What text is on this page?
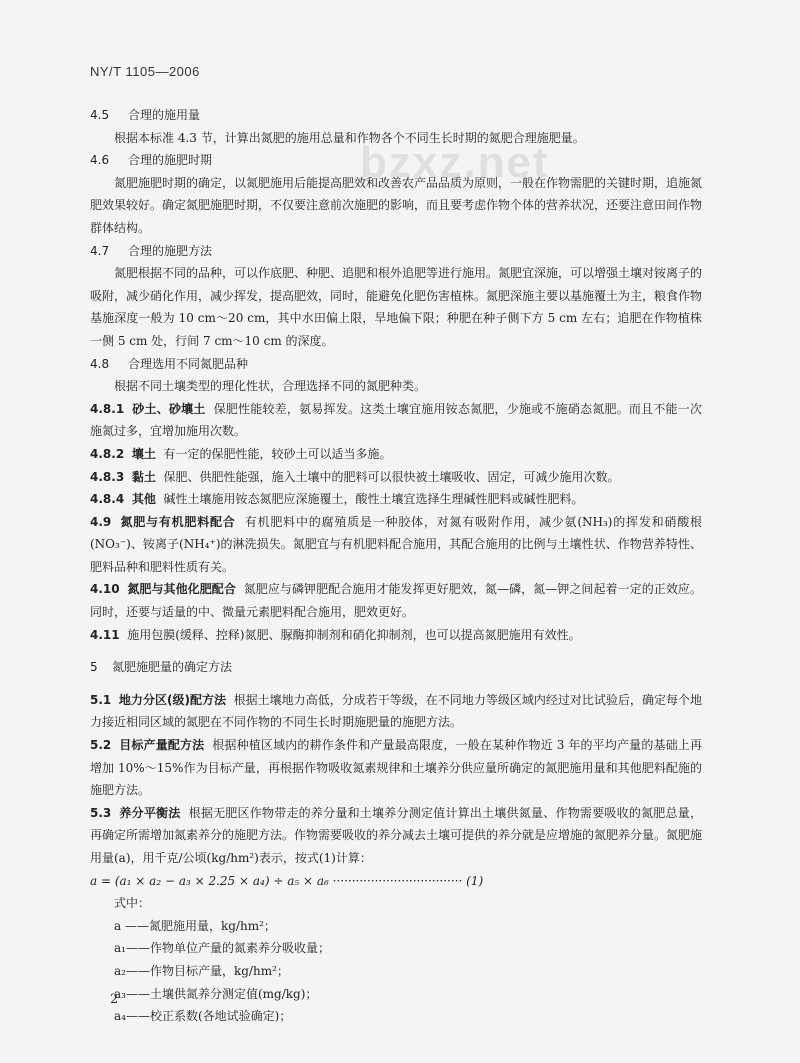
NY/T 1105—2006
bzxz.net

4.5 合理的施用量

根据本标准 4.3 节，计算出氮肥的施用总量和作物各个不同生长时期的氮肥合理施肥量。

4.6 合理的施肥时期

氮肥施肥时期的确定，以氮肥施用后能提高肥效和改善农产品品质为原则，一般在作物需肥的关键时期，追施氮肥效果较好。确定氮肥施肥时期，不仅要注意前次施肥的影响，而且要考虑作物个体的营养状况，还要注意田间作物群体结构。

4.7 合理的施肥方法

氮肥根据不同的品种，可以作底肥、种肥、追肥和根外追肥等进行施用。氮肥宜深施，可以增强土壤对铵离子的吸附，减少硝化作用，减少挥发，提高肥效，同时，能避免化肥伤害植株。氮肥深施主要以基施覆土为主，粮食作物基施深度一般为 10 cm～20 cm，其中水田偏上限，旱地偏下限；种肥在种子侧下方 5 cm 左右；追肥在作物植株一侧 5 cm 处，行间 7 cm～10 cm 的深度。

4.8 合理选用不同氮肥品种

根据不同土壤类型的理化性状，合理选择不同的氮肥种类。

4.8.1 砂土、砂壤土 保肥性能较差，氨易挥发。这类土壤宜施用铵态氮肥，少施或不施硝态氮肥。而且不能一次施氮过多，宜增加施用次数。

4.8.2 壤土 有一定的保肥性能，较砂土可以适当多施。

4.8.3 黏土 保肥、供肥性能强，施入土壤中的肥料可以很快被土壤吸收、固定，可减少施用次数。

4.8.4 其他 碱性土壤施用铵态氮肥应深施覆土，酸性土壤宜选择生理碱性肥料或碱性肥料。

4.9 氮肥与有机肥料配合 有机肥料中的腐殖质是一种胶体，对氮有吸附作用，减少氨(NH₃)的挥发和硝酸根(NO₃⁻)、铵离子(NH₄⁺)的淋洗损失。氮肥宜与有机肥料配合施用，其配合施用的比例与土壤性状、作物营养特性、肥料品种和肥料性质有关。

4.10 氮肥与其他化肥配合 氮肥应与磷钾肥配合施用才能发挥更好肥效，氮—磷，氮—钾之间起着一定的正效应。同时，还要与适量的中、微量元素肥料配合施用，肥效更好。

4.11 施用包膜(缓释、控释)氮肥、脲酶抑制剂和硝化抑制剂，也可以提高氮肥施用有效性。

5 氮肥施肥量的确定方法

5.1 地力分区(级)配方法 根据土壤地力高低，分成若干等级，在不同地力等级区域内经过对比试验后，确定每个地力接近相同区域的氮肥在不同作物的不同生长时期施肥量的施肥方法。

5.2 目标产量配方法 根据种植区域内的耕作条件和产量最高限度，一般在某种作物近 3 年的平均产量的基础上再增加 10%～15%作为目标产量，再根据作物吸收氮素规律和土壤养分供应量所确定的氮肥施用量和其他肥料配施的施肥方法。

5.3 养分平衡法 根据无肥区作物带走的养分量和土壤养分测定值计算出土壤供氮量、作物需要吸收的氮肥总量，再确定所需增加氮素养分的施肥方法。作物需要吸收的养分减去土壤可提供的养分就是应增施的氮肥养分量。氮肥施用量(a)，用千克/公顷(kg/hm²)表示，按式(1)计算：

a = (a₁ × a₂ − a₃ × 2.25 × a₄) ÷ a₅ × a₆ ·································· (1)

式中：

a ——氮肥施用量，kg/hm²；

a₁——作物单位产量的氮素养分吸收量；

a₂——作物目标产量，kg/hm²；

a₃——土壤供氮养分测定值(mg/kg)；

a₄——校正系数(各地试验确定)；

2
